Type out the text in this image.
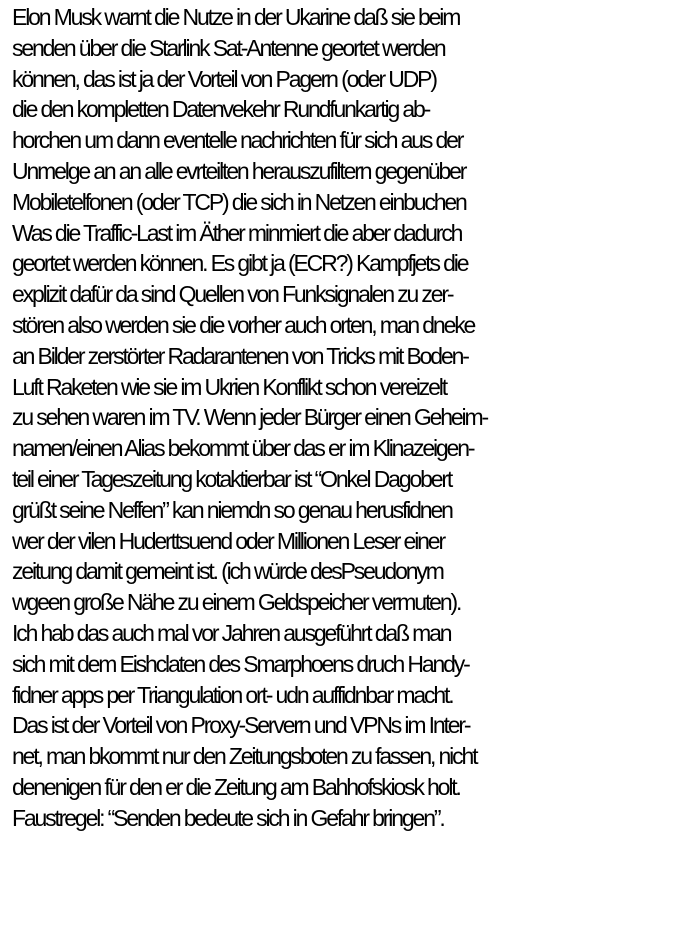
Elon Musk warnt die Nutze in der Ukarine daß sie beim
senden über die Starlink Sat-Antenne geortet werden
können, das ist ja der Vorteil von Pagern (oder UDP)
die den kompletten Datenvekehr Rundfunkartig ab-
horchen um dann eventelle nachrichten für sich aus der
Unmelge an an alle evrteilten herauszufiltern gegenüber
Mobiletelfonen (oder TCP) die sich in Netzen einbuchen
Was die Traffic-Last im Äther minmiert die aber dadurch
geortet werden können. Es gibt ja (ECR?) Kampfjets die
explizit dafür da sind Quellen von Funksignalen zu zer-
stören also werden sie die vorher auch orten, man dneke
an Bilder zerstörter Radarantenen von Tricks mit Boden-
Luft Raketen wie sie im Ukrien Konflikt schon vereizelt
zu sehen waren im TV. Wenn jeder Bürger einen Geheim-
namen/einen Alias bekommt über das er im Klinazeigen-
teil einer Tageszeitung kotaktierbar ist “Onkel Dagobert
grüßt seine Neffen” kan niemdn so genau herusfidnen
wer der vilen Huderttsuend oder Millionen Leser einer
zeitung damit gemeint ist. (ich würde desPseudonym
wgeen große Nähe zu einem Geldspeicher vermuten).
Ich hab das auch mal vor Jahren ausgeführt daß man
sich mit dem Eishclaten des Smarphoens druch Handy-
fidner apps per Triangulation ort- udn auffidnbar macht.
Das ist der Vorteil von Proxy-Servern und VPNs im Inter-
net, man bkommt nur den Zeitungsboten zu fassen, nicht
denenigen für den er die Zeitung am Bahhofskiosk holt.
Faustregel: “Senden bedeute sich in Gefahr bringen”.
